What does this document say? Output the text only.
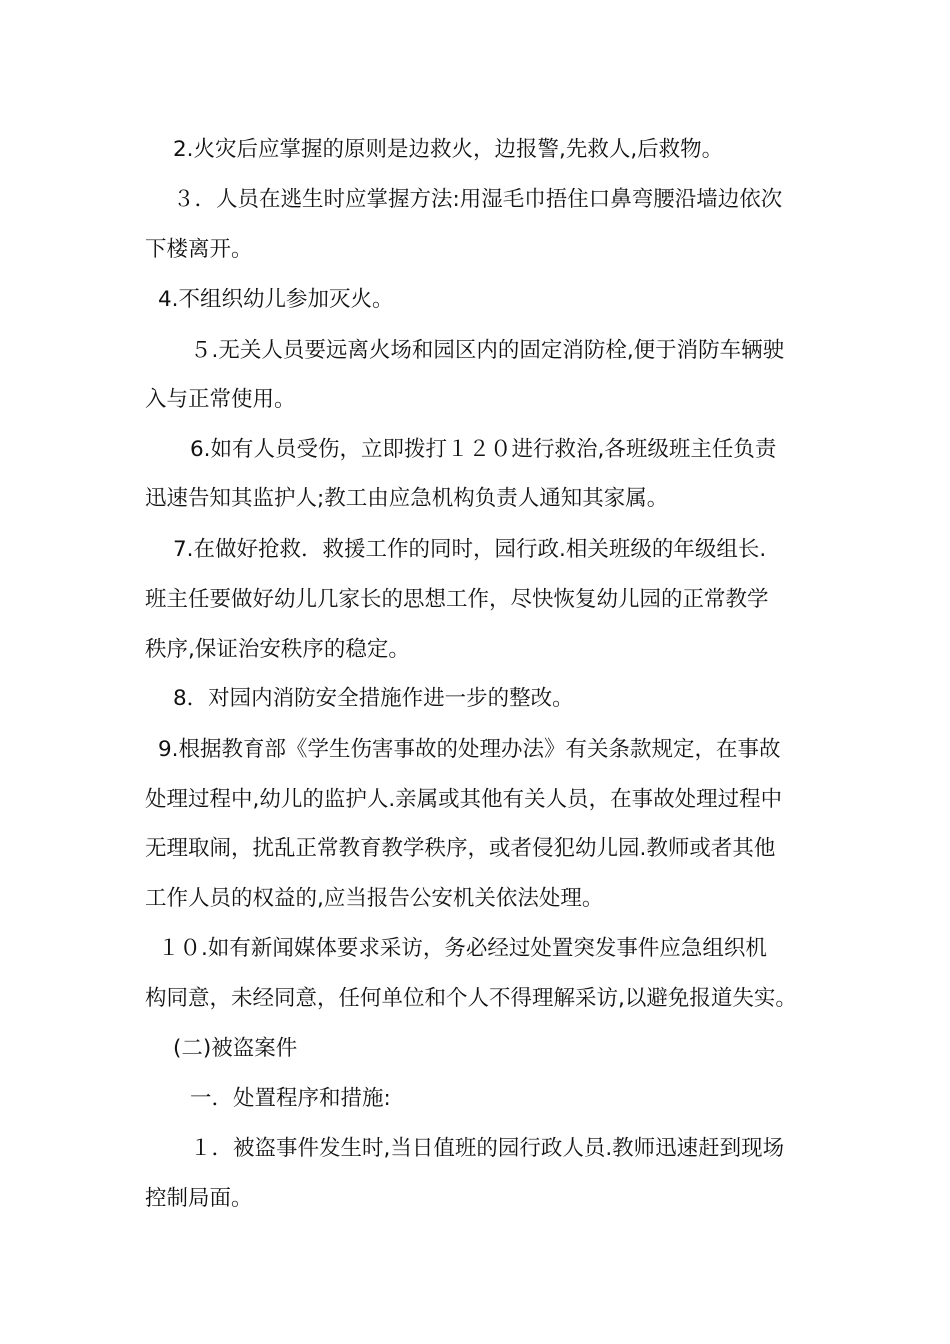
2.火灾后应掌握的原则是边救火，边报警,先救人,后救物。
３．人员在逃生时应掌握方法:用湿毛巾捂住口鼻弯腰沿墙边依次
下楼离开。
4.不组织幼儿参加灭火。
５.无关人员要远离火场和园区内的固定消防栓,便于消防车辆驶
入与正常使用。
6.如有人员受伤，立即拨打１２０进行救治,各班级班主任负责
迅速告知其监护人;教工由应急机构负责人通知其家属。
7.在做好抢救．救援工作的同时，园行政.相关班级的年级组长.
班主任要做好幼儿几家长的思想工作，尽快恢复幼儿园的正常教学
秩序,保证治安秩序的稳定。
8．对园内消防安全措施作进一步的整改。
9.根据教育部《学生伤害事故的处理办法》有关条款规定，在事故
处理过程中,幼儿的监护人.亲属或其他有关人员，在事故处理过程中
无理取闹，扰乱正常教育教学秩序，或者侵犯幼儿园.教师或者其他
工作人员的权益的,应当报告公安机关依法处理。
１０.如有新闻媒体要求采访，务必经过处置突发事件应急组织机
构同意，未经同意，任何单位和个人不得理解采访,以避免报道失实。
(二)被盗案件
一．处置程序和措施:
１．被盗事件发生时,当日值班的园行政人员.教师迅速赶到现场
控制局面。
